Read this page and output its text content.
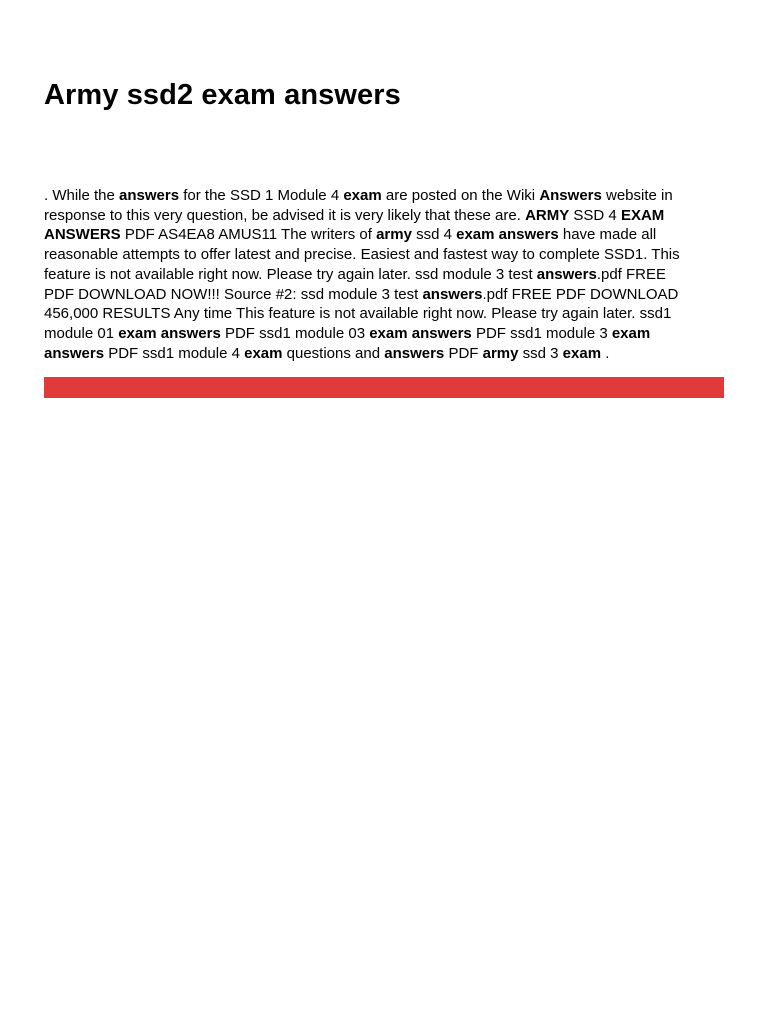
Army ssd2 exam answers

. While the answers for the SSD 1 Module 4 exam are posted on the Wiki Answers website in
response to this very question, be advised it is very likely that these are. ARMY SSD 4 EXAM
ANSWERS PDF AS4EA8 AMUS11 The writers of army ssd 4 exam answers have made all
reasonable attempts to offer latest and precise. Easiest and fastest way to complete SSD1. This
feature is not available right now. Please try again later. ssd module 3 test answers.pdf FREE
PDF DOWNLOAD NOW!!! Source #2: ssd module 3 test answers.pdf FREE PDF DOWNLOAD
456,000 RESULTS Any time This feature is not available right now. Please try again later. ssd1
module 01 exam answers PDF ssd1 module 03 exam answers PDF ssd1 module 3 exam
answers PDF ssd1 module 4 exam questions and answers PDF army ssd 3 exam .
